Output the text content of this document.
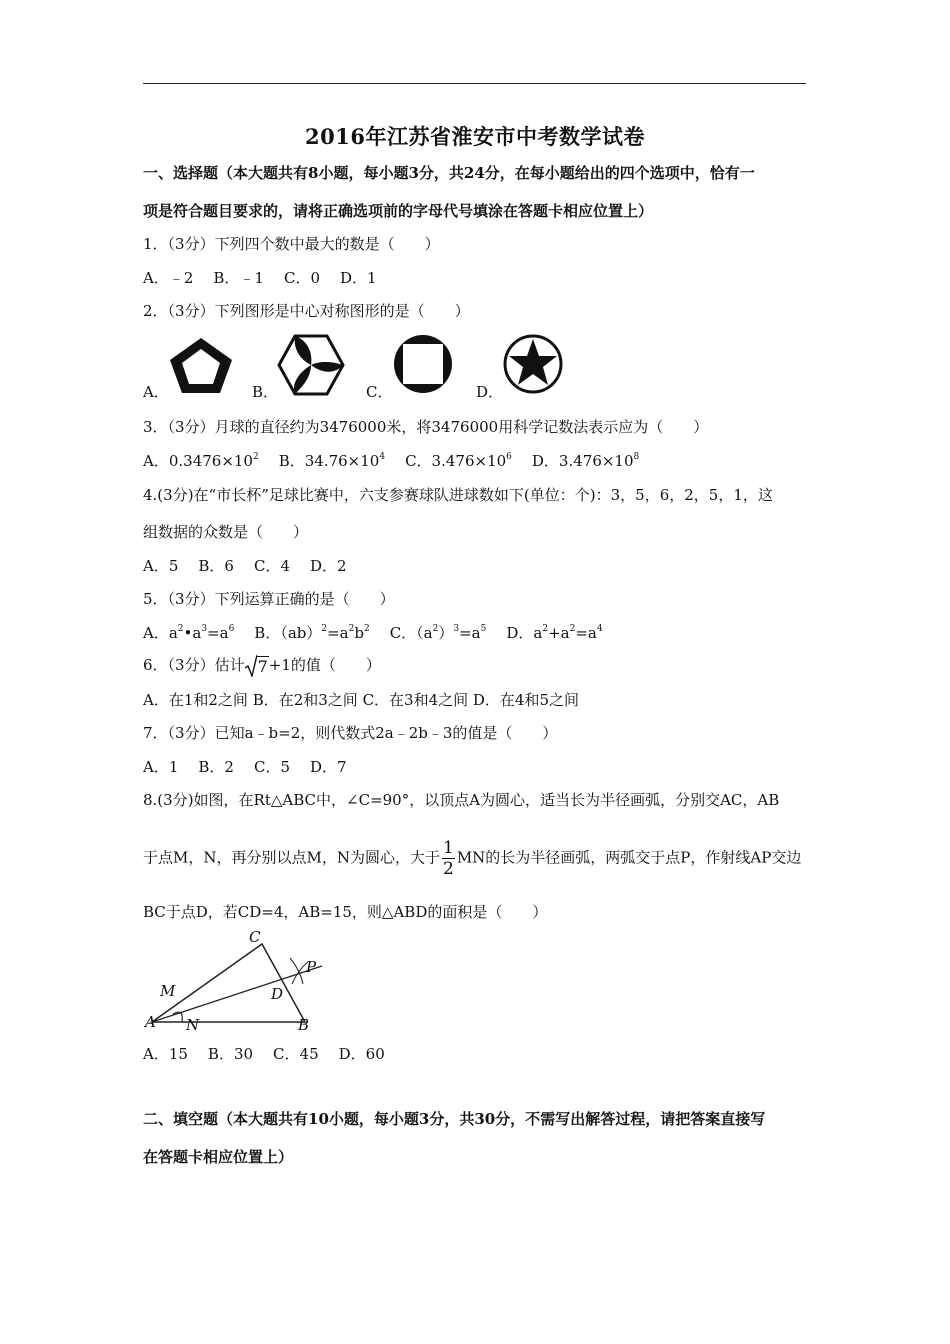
2016年江苏省淮安市中考数学试卷
一、选择题（本大题共有8小题，每小题3分，共24分，在每小题给出的四个选项中，恰有一
项是符合题目要求的，请将正确选项前的字母代号填涂在答题卡相应位置上）
1．（3分）下列四个数中最大的数是（　　）
A．﹣2 B．﹣1 C．0 D．1
2．（3分）下列图形是中心对称图形的是（　　）
A．	B．	C．	D．
3．（3分）月球的直径约为3476000米，将3476000用科学记数法表示应为（　　）
A．$0.3476\times 10^2$ B．$34.76\times 10^4$ C．$3.476\times 10^6$ D．$3.476\times 10^8$
4.(3分)在“市长杯”足球比赛中，六支参赛球队进球数如下(单位：个)：3，5，6，2，5，1，这
组数据的众数是（　　）
A．5 B．6 C．4 D．2
5．（3分）下列运算正确的是（　　）
A．$a^2•a^3=a^6$ B．$(ab)^2=a^2b^2$ C．$(a^2)^3=a^5$ D．$a^2+a^2=a^4$
6．（3分）估计 7 +1的值（　　）
A．在1和2之间 B．在2和3之间 C．在3和4之间 D．在4和5之间
7．（3分）已知a﹣b=2，则代数式2a﹣2b﹣3的值是（　　）
A．1 B．2 C．5 D．7
8.(3分)如图，在Rt△ABC中，∠C=90°，以顶点A为圆心，适当长为半径画弧，分别交AC，AB
于点M，N，再分别以点M，N为圆心，大于 $\frac{1}{2}$ MN的长为半径画弧，两弧交于点P，作射线AP交边
BC于点D，若CD=4，AB=15，则△ABD的面积是（　　）
A	B
C
D
M
N
P
A．15 B．30 C．45 D．60
二、填空题（本大题共有10小题，每小题3分，共30分，不需写出解答过程，请把答案直接写
在答题卡相应位置上）
